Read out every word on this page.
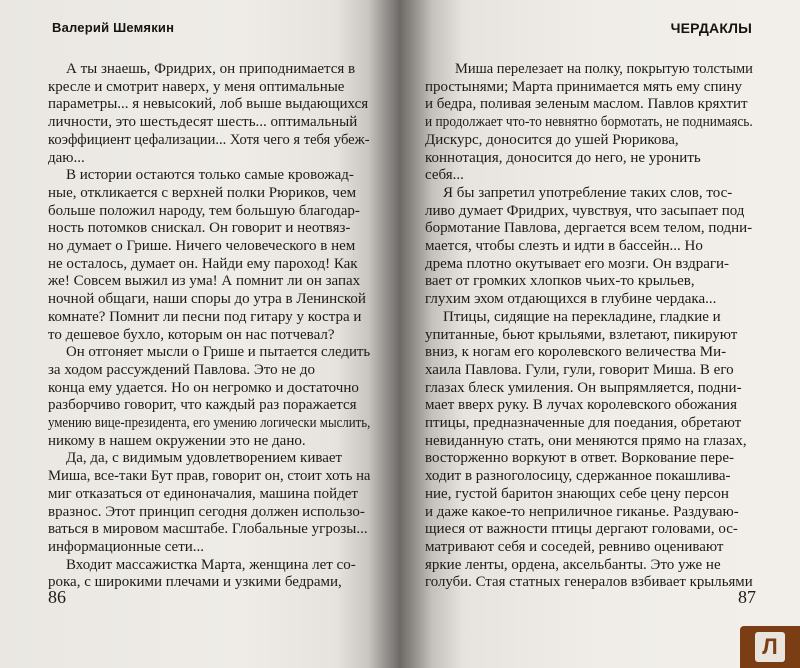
Валерий Шемякин
А ты знаешь, Фридрих, он приподнимается в
кресле и смотрит наверх, у меня оптимальные
параметры... я невысокий, лоб выше выдающихся
личности, это шестьдесят шесть... оптимальный
коэффициент цефализации... Хотя чего я тебя убеж-
даю...
В истории остаются только самые кровожад-
ные, откликается с верхней полки Рюриков, чем
больше положил народу, тем большую благодар-
ность потомков снискал. Он говорит и неотвяз-
но думает о Грише. Ничего человеческого в нем
не осталось, думает он. Найди ему пароход! Как
же! Совсем выжил из ума! А помнит ли он запах
ночной общаги, наши споры до утра в Ленинской
комнате? Помнит ли песни под гитару у костра и
то дешевое бухло, которым он нас потчевал?
Он отгоняет мысли о Грише и пытается следить
за ходом рассуждений Павлова. Это не до
конца ему удается. Но он негромко и достаточно
разборчиво говорит, что каждый раз поражается
умению вице-президента, его умению логически мыслить,
никому в нашем окружении это не дано.
Да, да, с видимым удовлетворением кивает
Миша, все-таки Бут прав, говорит он, стоит хоть на
миг отказаться от единоначалия, машина пойдет
вразнос. Этот принцип сегодня должен использо-
ваться в мировом масштабе. Глобальные угрозы...
информационные сети...
Входит массажистка Марта, женщина лет со-
рока, с широкими плечами и узкими бедрами,
86
ЧЕРДАКЛЫ
87
Миша перелезает на полку, покрытую толстыми
простынями; Марта принимается мять ему спину
и бедра, поливая зеленым маслом. Павлов кряхтит
и продолжает что-то невнятно бормотать, не поднимаясь.
Дискурс, доносится до ушей Рюрикова,
коннотация, доносится до него, не уронить
себя...
Я бы запретил употребление таких слов, тос-
ливо думает Фридрих, чувствуя, что засыпает под
бормотание Павлова, дергается всем телом, подни-
мается, чтобы слезть и идти в бассейн... Но
дрема плотно окутывает его мозги. Он вздраги-
вает от громких хлопков чьих-то крыльев,
глухим эхом отдающихся в глубине чердака...
Птицы, сидящие на перекладине, гладкие и
упитанные, бьют крыльями, взлетают, пикируют
вниз, к ногам его королевского величества Ми-
хаила Павлова. Гули, гули, говорит Миша. В его
глазах блеск умиления. Он выпрямляется, подни-
мает вверх руку. В лучах королевского обожания
птицы, предназначенные для поедания, обретают
невиданную стать, они меняются прямо на глазах,
восторженно воркуют в ответ. Воркование пере-
ходит в разноголосицу, сдержанное покашлива-
ние, густой баритон знающих себе цену персон
и даже какое-то неприличное гиканье. Раздуваю-
щиеся от важности птицы дергают головами, ос-
матривают себя и соседей, ревниво оценивают
яркие ленты, ордена, аксельбанты. Это уже не
голуби. Стая статных генералов взбивает крыльями
Л
